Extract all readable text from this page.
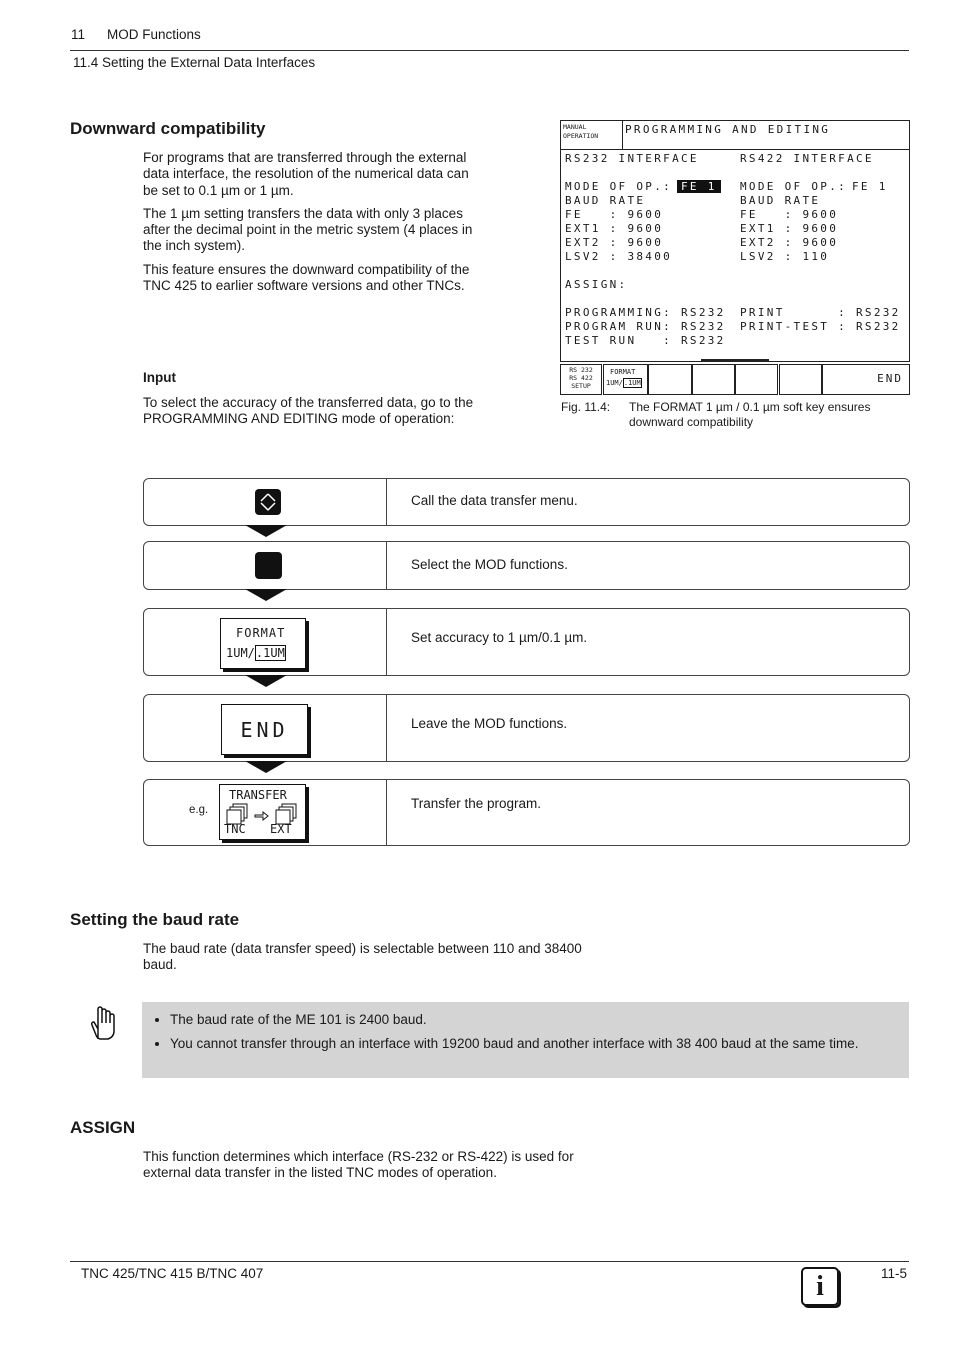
11 MOD Functions
11.4 Setting the External Data Interfaces
Downward compatibility

For programs that are transferred through the external data interface, the resolution of the numerical data can be set to 0.1 µm or 1 µm.

The 1 µm setting transfers the data with only 3 places after the decimal point in the metric system (4 places in the inch system).

This feature ensures the downward compatibility of the TNC 425 to earlier software versions and other TNCs.

Input
To select the accuracy of the transferred data, go to the PROGRAMMING AND EDITING mode of operation:
MANUAL
OPERATION PROGRAMMING AND EDITING
RS232 INTERFACE	RS422 INTERFACE
MODE OF OP.: FE 1	MODE OF OP.: FE 1
BAUD RATE	BAUD RATE
FE   : 9600	FE   : 9600
EXT1 : 9600	EXT1 : 9600
EXT2 : 9600	EXT2 : 9600
LSV2 : 38400	LSV2 : 110
ASSIGN:
PROGRAMMING: RS232 PRINT      : RS232
PROGRAM RUN: RS232 PRINT-TEST : RS232
TEST RUN   : RS232
RS 232
RS 422
SETUP
FORMAT
1UM/.1UM	END
Fig. 11.4: The FORMAT 1 µm / 0.1 µm soft key ensures downward compatibility
Call the data transfer menu.
Select the MOD functions.
FORMAT
1UM/.1UM
Set accuracy to 1 µm/0.1 µm.
END	Leave the MOD functions.
e.g.
TRANSFER
TNC EXT
Transfer the program.
Setting the baud rate
The baud rate (data transfer speed) is selectable between 110 and 38400 baud.
• The baud rate of the ME 101 is 2400 baud.
• You cannot transfer through an interface with 19200 baud and another interface with 38 400 baud at the same time.
ASSIGN
This function determines which interface (RS-232 or RS-422) is used for external data transfer in the listed TNC modes of operation.
TNC 425/TNC 415 B/TNC 407	11-5
i
